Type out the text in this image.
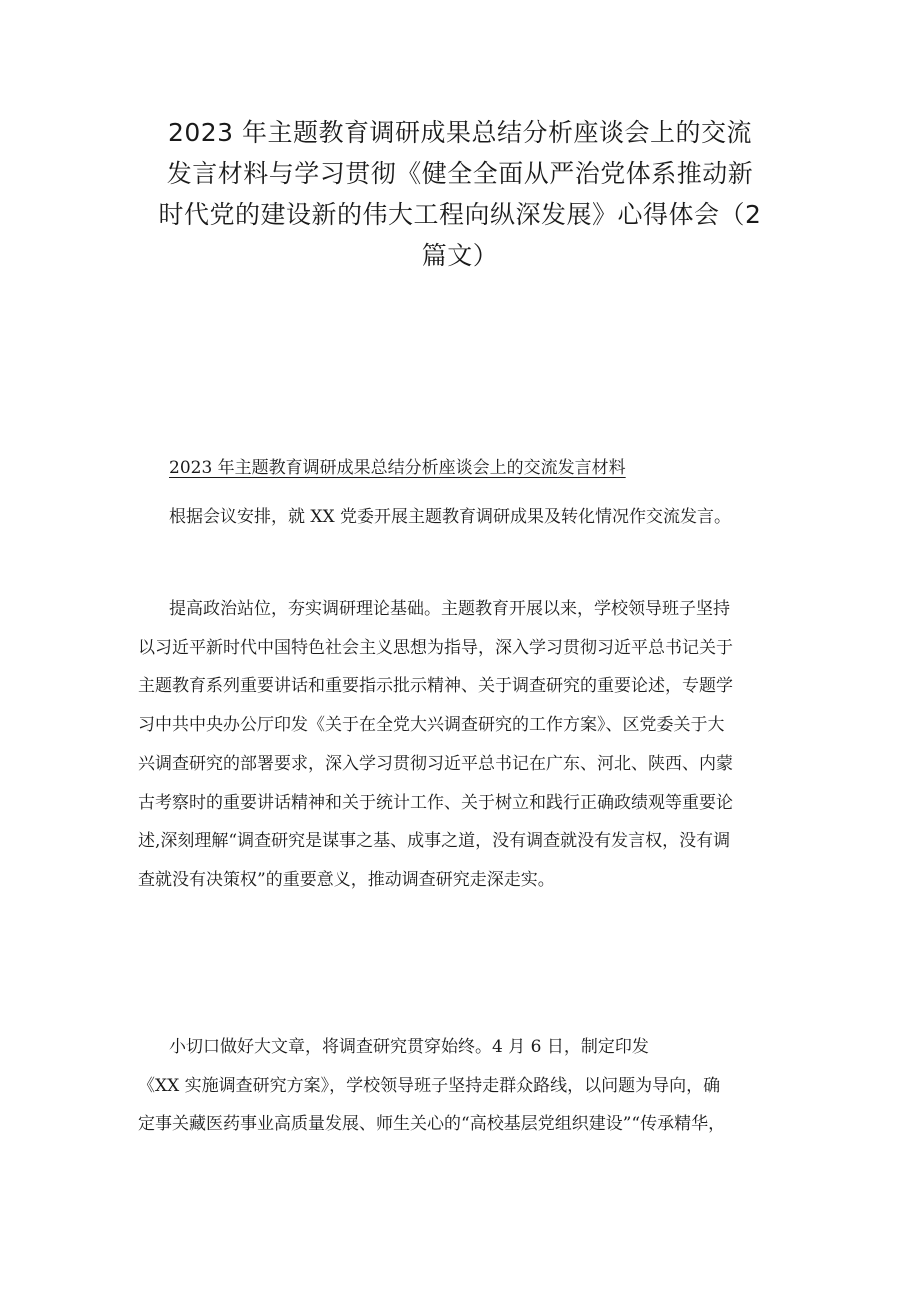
2023 年主题教育调研成果总结分析座谈会上的交流
发言材料与学习贯彻《健全全面从严治党体系推动新
时代党的建设新的伟大工程向纵深发展》心得体会（2
篇文）

2023 年主题教育调研成果总结分析座谈会上的交流发言材料

根据会议安排，就 XX 党委开展主题教育调研成果及转化情况作交流发言。

提高政治站位，夯实调研理论基础。主题教育开展以来，学校领导班子坚持
以习近平新时代中国特色社会主义思想为指导，深入学习贯彻习近平总书记关于
主题教育系列重要讲话和重要指示批示精神、关于调查研究的重要论述，专题学
习中共中央办公厅印发《关于在全党大兴调查研究的工作方案》、区党委关于大
兴调查研究的部署要求，深入学习贯彻习近平总书记在广东、河北、陕西、内蒙
古考察时的重要讲话精神和关于统计工作、关于树立和践行正确政绩观等重要论
述,深刻理解“调查研究是谋事之基、成事之道，没有调查就没有发言权，没有调
查就没有决策权”的重要意义，推动调查研究走深走实。
小切口做好大文章，将调查研究贯穿始终。4 月 6 日，制定印发
《XX 实施调查研究方案》，学校领导班子坚持走群众路线，以问题为导向，确
定事关藏医药事业高质量发展、师生关心的“高校基层党组织建设”“传承精华，
